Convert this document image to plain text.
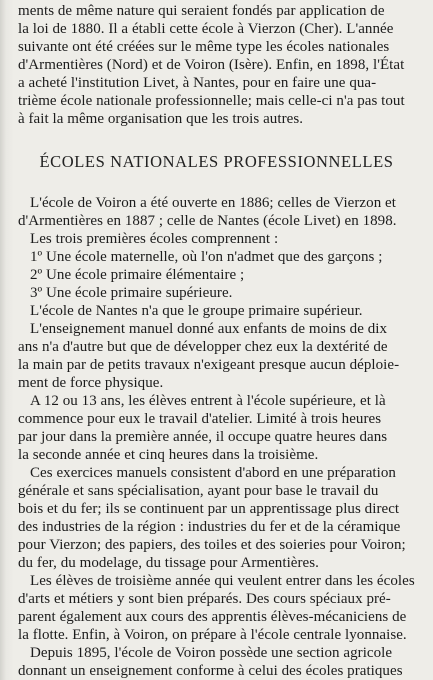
ments de même nature qui seraient fondés par application de
la loi de 1880. Il a établi cette école à Vierzon (Cher). L'année
suivante ont été créées sur le même type les écoles nationales
d'Armentières (Nord) et de Voiron (Isère). Enfin, en 1898, l'État
a acheté l'institution Livet, à Nantes, pour en faire une qua-
trième école nationale professionnelle; mais celle-ci n'a pas tout
à fait la même organisation que les trois autres.
ÉCOLES NATIONALES PROFESSIONNELLES
L'école de Voiron a été ouverte en 1886; celles de Vierzon et
d'Armentières en 1887 ; celle de Nantes (école Livet) en 1898.
Les trois premières écoles comprennent :
1º Une école maternelle, où l'on n'admet que des garçons ;
2º Une école primaire élémentaire ;
3º Une école primaire supérieure.
L'école de Nantes n'a que le groupe primaire supérieur.
L'enseignement manuel donné aux enfants de moins de dix
ans n'a d'autre but que de développer chez eux la dextérité de
la main par de petits travaux n'exigeant presque aucun déploie-
ment de force physique.
A 12 ou 13 ans, les élèves entrent à l'école supérieure, et là
commence pour eux le travail d'atelier. Limité à trois heures
par jour dans la première année, il occupe quatre heures dans
la seconde année et cinq heures dans la troisième.
Ces exercices manuels consistent d'abord en une préparation
générale et sans spécialisation, ayant pour base le travail du
bois et du fer; ils se continuent par un apprentissage plus direct
des industries de la région : industries du fer et de la céramique
pour Vierzon; des papiers, des toiles et des soieries pour Voiron;
du fer, du modelage, du tissage pour Armentières.
Les élèves de troisième année qui veulent entrer dans les écoles
d'arts et métiers y sont bien préparés. Des cours spéciaux pré-
parent également aux cours des apprentis élèves-mécaniciens de
la flotte. Enfin, à Voiron, on prépare à l'école centrale lyonnaise.
Depuis 1895, l'école de Voiron possède une section agricole
donnant un enseignement conforme à celui des écoles pratiques
